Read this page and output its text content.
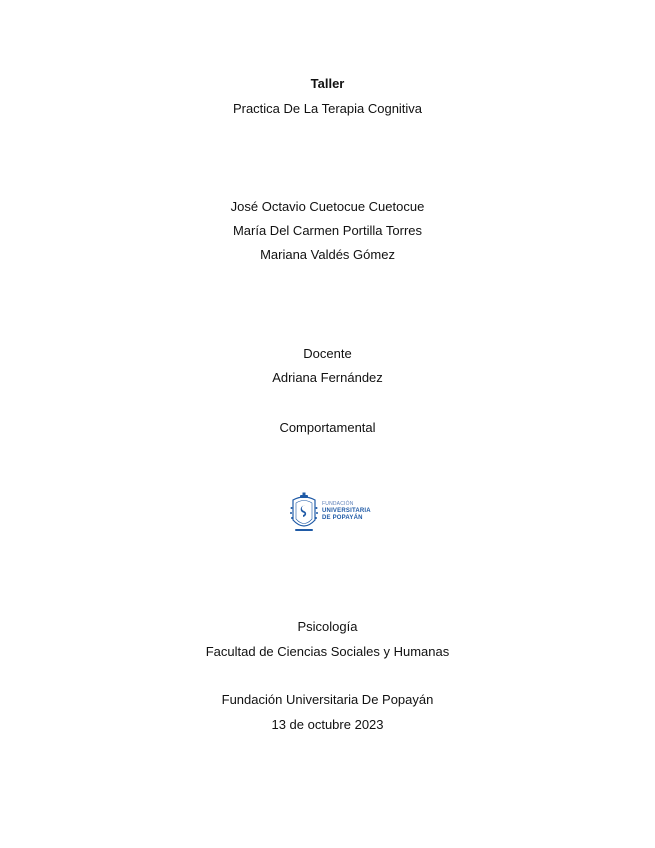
Taller
Practica De La Terapia Cognitiva
José Octavio Cuetocue Cuetocue
María Del Carmen Portilla Torres
Mariana Valdés Gómez
Docente
Adriana Fernández
Comportamental
FUNDACIÓN
UNIVERSITARIA
DE POPAYÁN
Psicología
Facultad de Ciencias Sociales y Humanas
Fundación Universitaria De Popayán
13 de octubre 2023
